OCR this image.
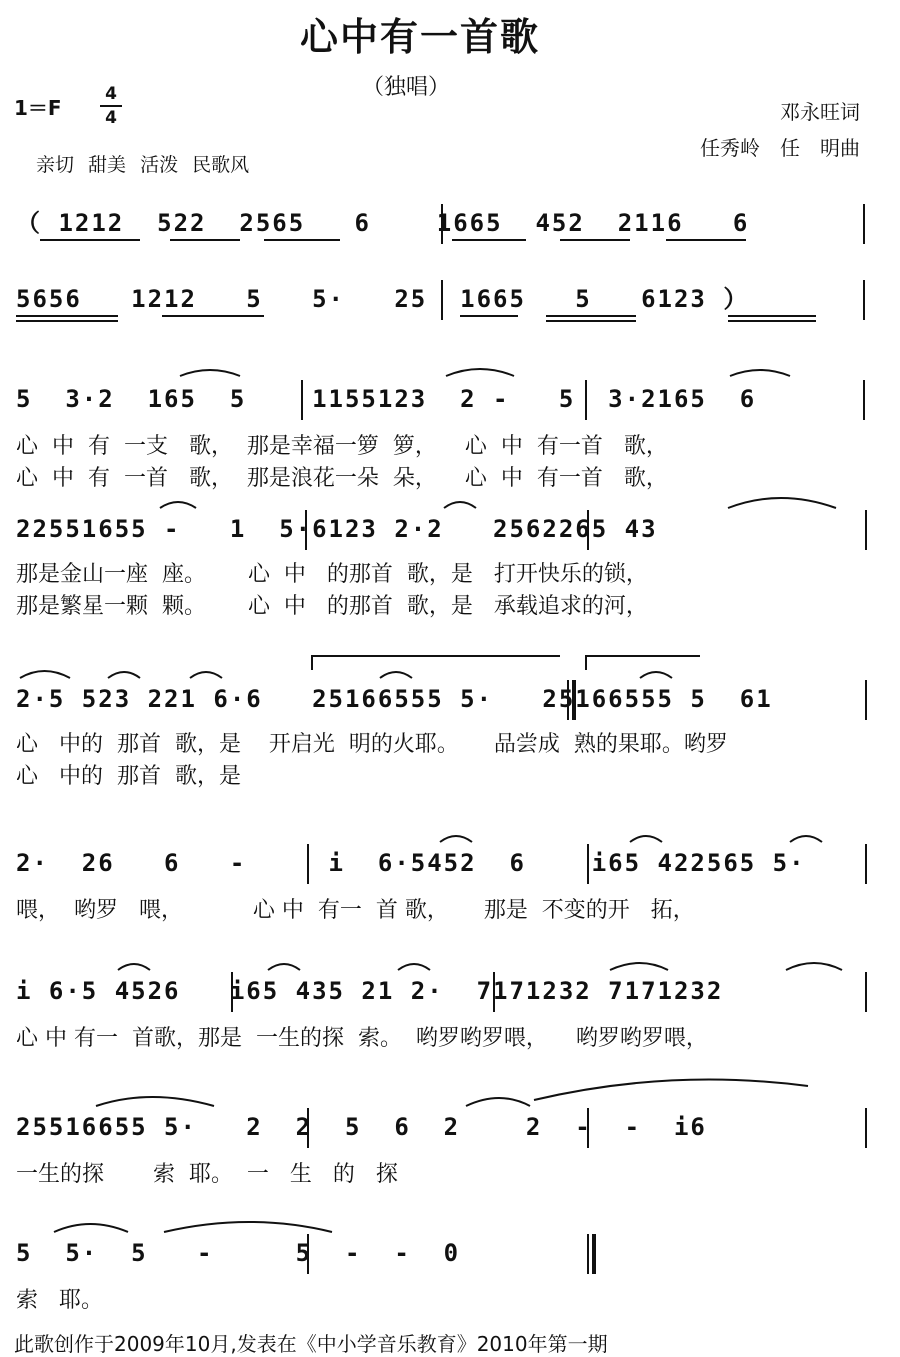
心中有一首歌
（独唱）
1＝F
4
4
亲切 甜美 活泼 民歌风
邓永旺词
任秀岭　任　明曲
（ 1212  522  2565   6    1665  452  2116   6
5656   1212   5   5·   25  1665   5   6123 ）
5  3·2  165  5    1155123  2 -   5  3·2165  6
心  中  有  一支   歌，  那是幸福一箩  箩，    心  中  有一首   歌，
心  中  有  一首   歌，  那是浪花一朵  朵，    心  中  有一首   歌，
22551655 -   1  5·6123 2·2   2562265 43
那是金山一座  座。      心  中   的那首  歌，是   打开快乐的锁，
那是繁星一颗  颗。      心  中   的那首  歌，是   承载追求的河，
2·5 523 221 6·6   25166555 5·   25166555 5  61
心   中的  那首  歌，是    开启光  明的火耶。     品尝成  熟的果耶。哟罗
心   中的  那首  歌，是
2·  26   6   -     i  6·5452  6    i65 422565 5·
喂，  哟罗   喂，          心 中  有一  首 歌，     那是  不变的开   拓，
i 6·5 4526   i65 435 21 2·  7171232 7171232
心 中 有一  首歌，那是  一生的探  索。  哟罗哟罗喂，    哟罗哟罗喂，
25516655 5·   2  2  5  6  2    2  -  -  i6
一生的探       索  耶。  一   生   的   探
5  5·  5   -     5  -  -  0
索   耶。
此歌创作于2009年10月,发表在《中小学音乐教育》2010年第一期
